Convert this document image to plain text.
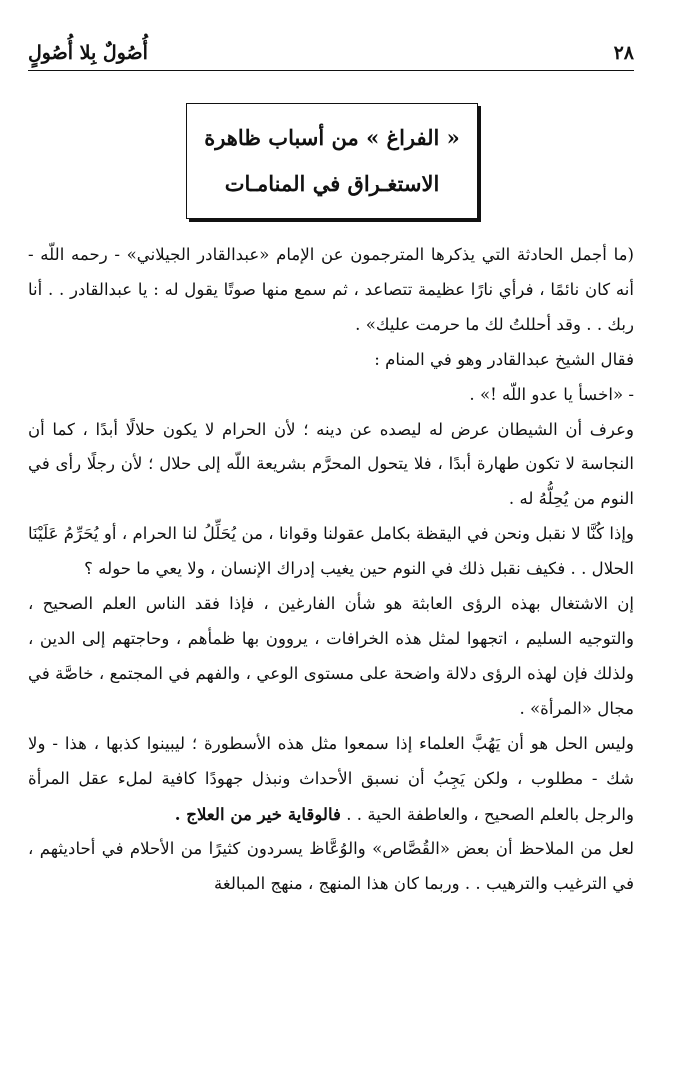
٢٨
أُصُولٌ بِلا أُصُولٍ
« الفراغ » من أسباب ظاهرة
الاستغـراق في المنامـات

(ما أجمل الحادثة التي يذكرها المترجمون عن الإمام «عبدالقادر الجيلاني» - رحمه اللّه - أنه كان نائمًا ، فرأي نارًا عظيمة تتصاعد ، ثم سمع منها صوتًا يقول له : يا عبدالقادر . . أنا ربك . . وقد أحللتُ لك ما حرمت عليك» .

فقال الشيخ عبدالقادر وهو في المنام :

- «اخسأ يا عدو اللّه !» .

وعرف أن الشيطان عرض له ليصده عن دينه ؛ لأن الحرام لا يكون حلالًا أبدًا ، كما أن النجاسة لا تكون طهارة أبدًا ، فلا يتحول المحرَّم بشريعة اللّه إلى حلال ؛ لأن رجلًا رأى في النوم من يُحِلُّهُ له .

وإذا كُنَّا لا نقبل ونحن في اليقظة بكامل عقولنا وقوانا ، من يُحَلِّلُ لنا الحرام ، أو يُحَرِّمُ عَلَيْنَا الحلال . . فكيف نقبل ذلك في النوم حين يغيب إدراك الإنسان ، ولا يعي ما حوله ؟

إن الاشتغال بهذه الرؤى العابثة هو شأن الفارغين ، فإذا فقد الناس العلم الصحيح ، والتوجيه السليم ، اتجهوا لمثل هذه الخرافات ، يروون بها ظمأهم ، وحاجتهم إلى الدين ، ولذلك فإن لهذه الرؤى دلالة واضحة على مستوى الوعي ، والفهم في المجتمع ، خاصَّة في مجال «المرأة» .

وليس الحل هو أن يَهُبَّ العلماء إذا سمعوا مثل هذه الأسطورة ؛ ليبينوا كذبها ، هذا - ولا شك - مطلوب ، ولكن يَجِبُ أن نسبق الأحداث ونبذل جهودًا كافية لملء عقل المرأة والرجل بالعلم الصحيح ، والعاطفة الحية . . فالوقاية خير من العلاج .

لعل من الملاحظ أن بعض «القُصَّاص» والوُعَّاظ يسردون كثيرًا من الأحلام في أحاديثهم ، في الترغيب والترهيب . . وربما كان هذا المنهج ، منهج المبالغة
